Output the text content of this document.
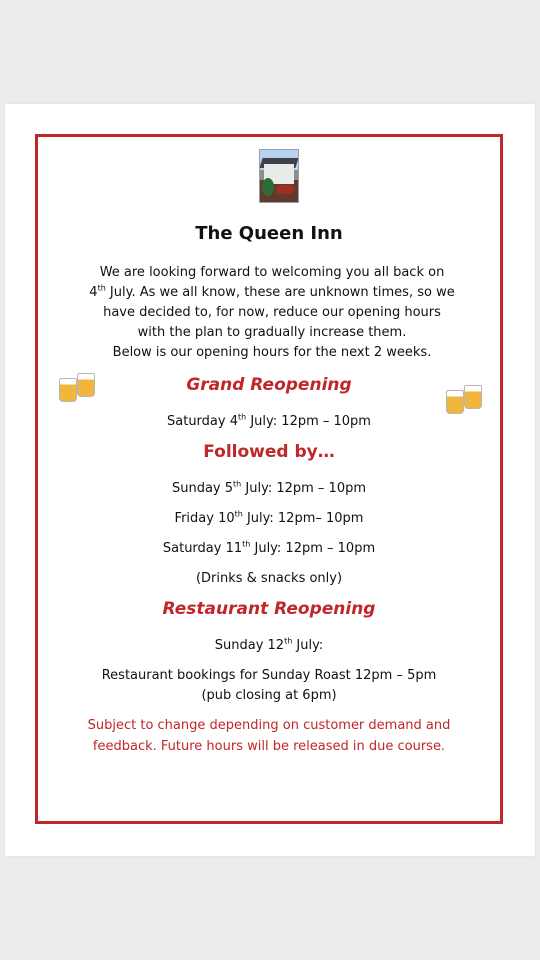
The Queen Inn
We are looking forward to welcoming you all back on
4th July. As we all know, these are unknown times, so we
have decided to, for now, reduce our opening hours
with the plan to gradually increase them.
Below is our opening hours for the next 2 weeks.
Grand Reopening
Saturday 4th July: 12pm – 10pm
Followed by…
Sunday 5th July: 12pm – 10pm
Friday 10th July: 12pm– 10pm
Saturday 11th July: 12pm – 10pm
(Drinks & snacks only)
Restaurant Reopening
Sunday 12th July:
Restaurant bookings for Sunday Roast 12pm – 5pm
(pub closing at 6pm)
Subject to change depending on customer demand and
feedback. Future hours will be released in due course.
